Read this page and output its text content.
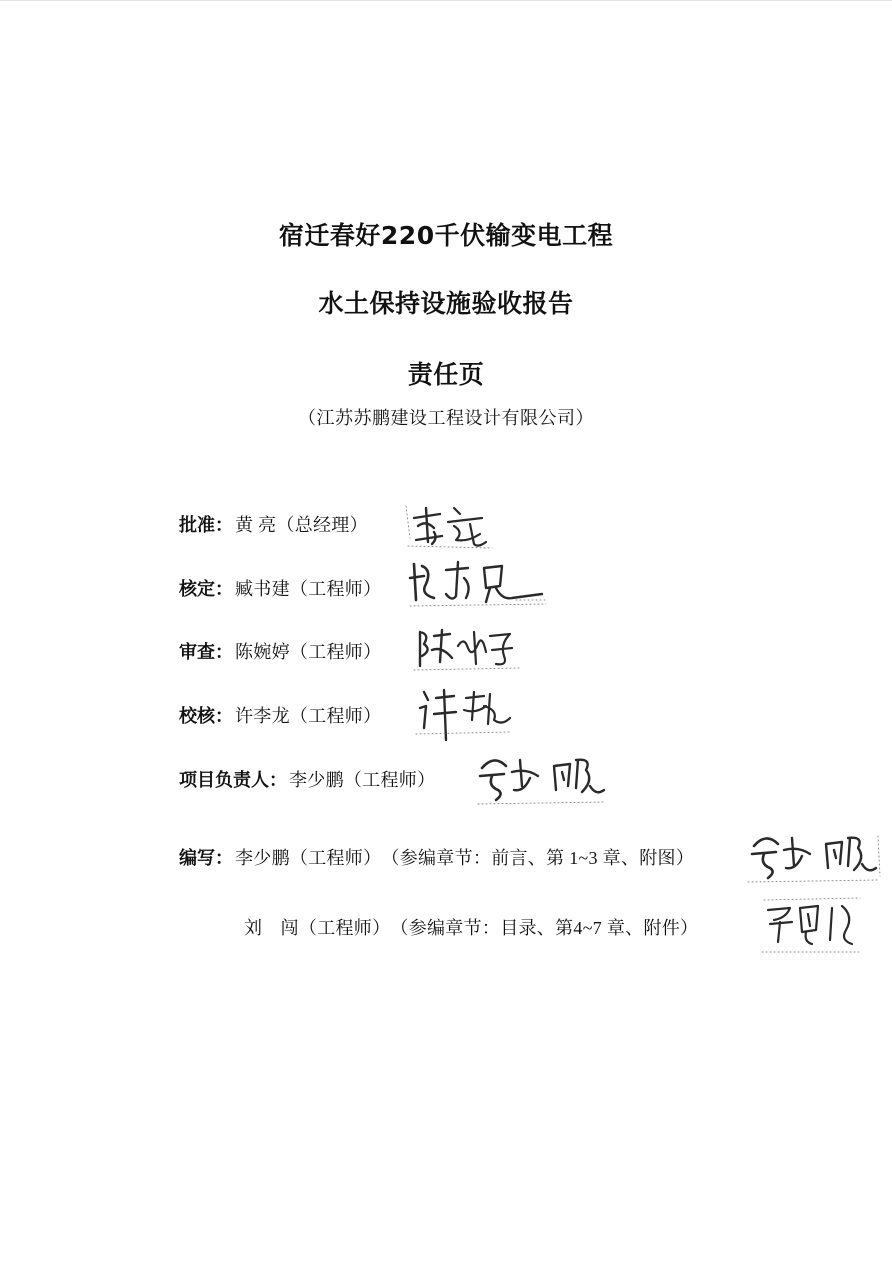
宿迁春好220千伏输变电工程
水土保持设施验收报告
责任页
（江苏苏鹏建设工程设计有限公司）
批准 ： 黄 亮（总经理）
核定 ： 臧书建（工程师）
审查 ： 陈婉婷（工程师）
校核 ： 许李龙（工程师）
项目负责人 ： 李少鹏（工程师）
编写 ： 李少鹏（工程师） （参编章节：前言、第 1~3 章、附图）
刘　闯（工程师） （参编章节：目录、第4~7 章、附件）
